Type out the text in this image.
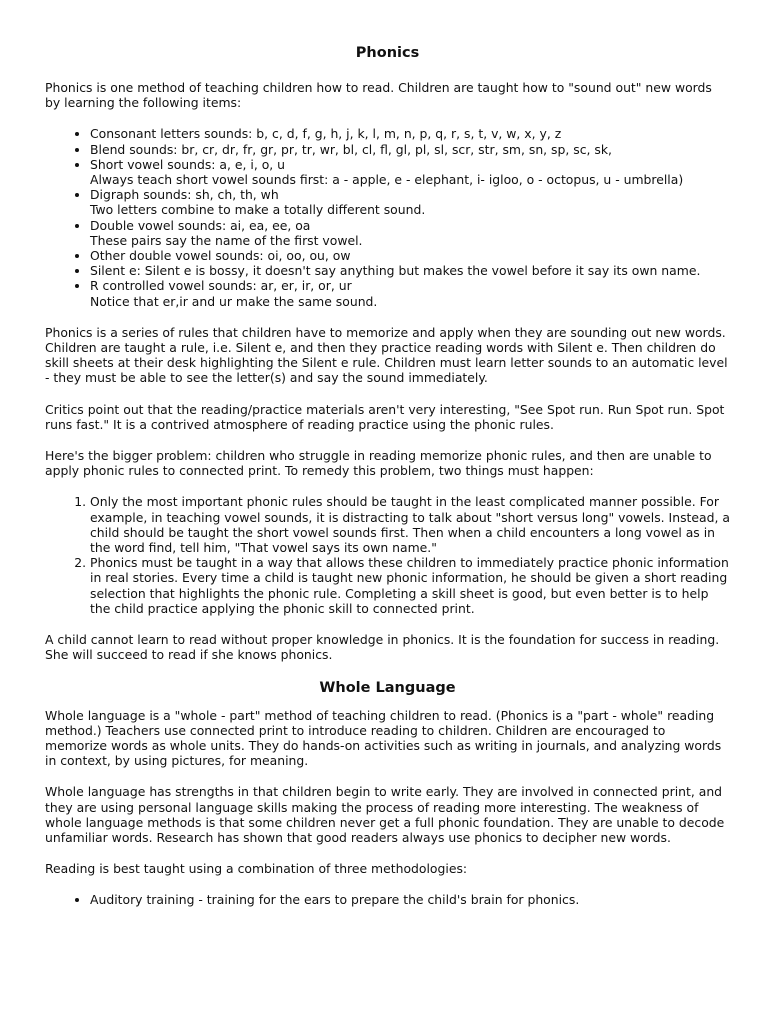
Phonics

Phonics is one method of teaching children how to read. Children are taught how to "sound out" new words by learning the following items:

• Consonant letters sounds: b, c, d, f, g, h, j, k, l, m, n, p, q, r, s, t, v, w, x, y, z
• Blend sounds: br, cr, dr, fr, gr, pr, tr, wr, bl, cl, fl, gl, pl, sl, scr, str, sm, sn, sp, sc, sk,
• Short vowel sounds: a, e, i, o, u
Always teach short vowel sounds first: a - apple, e - elephant, i- igloo, o - octopus, u - umbrella)
• Digraph sounds: sh, ch, th, wh
Two letters combine to make a totally different sound.
• Double vowel sounds: ai, ea, ee, oa
These pairs say the name of the first vowel.
• Other double vowel sounds: oi, oo, ou, ow
• Silent e: Silent e is bossy, it doesn't say anything but makes the vowel before it say its own name.
• R controlled vowel sounds: ar, er, ir, or, ur
Notice that er,ir and ur make the same sound.

Phonics is a series of rules that children have to memorize and apply when they are sounding out new words. Children are taught a rule, i.e. Silent e, and then they practice reading words with Silent e. Then children do skill sheets at their desk highlighting the Silent e rule. Children must learn letter sounds to an automatic level - they must be able to see the letter(s) and say the sound immediately.

Critics point out that the reading/practice materials aren't very interesting, "See Spot run. Run Spot run. Spot runs fast." It is a contrived atmosphere of reading practice using the phonic rules.

Here's the bigger problem: children who struggle in reading memorize phonic rules, and then are unable to apply phonic rules to connected print. To remedy this problem, two things must happen:

1. Only the most important phonic rules should be taught in the least complicated manner possible. For example, in teaching vowel sounds, it is distracting to talk about "short versus long" vowels. Instead, a child should be taught the short vowel sounds first. Then when a child encounters a long vowel as in the word find, tell him, "That vowel says its own name."
2. Phonics must be taught in a way that allows these children to immediately practice phonic information in real stories. Every time a child is taught new phonic information, he should be given a short reading selection that highlights the phonic rule. Completing a skill sheet is good, but even better is to help the child practice applying the phonic skill to connected print.

A child cannot learn to read without proper knowledge in phonics. It is the foundation for success in reading. She will succeed to read if she knows phonics.

Whole Language

Whole language is a "whole - part" method of teaching children to read. (Phonics is a "part - whole" reading method.) Teachers use connected print to introduce reading to children. Children are encouraged to memorize words as whole units. They do hands-on activities such as writing in journals, and analyzing words in context, by using pictures, for meaning.

Whole language has strengths in that children begin to write early. They are involved in connected print, and they are using personal language skills making the process of reading more interesting. The weakness of whole language methods is that some children never get a full phonic foundation. They are unable to decode unfamiliar words. Research has shown that good readers always use phonics to decipher new words.

Reading is best taught using a combination of three methodologies:

• Auditory training - training for the ears to prepare the child's brain for phonics.
